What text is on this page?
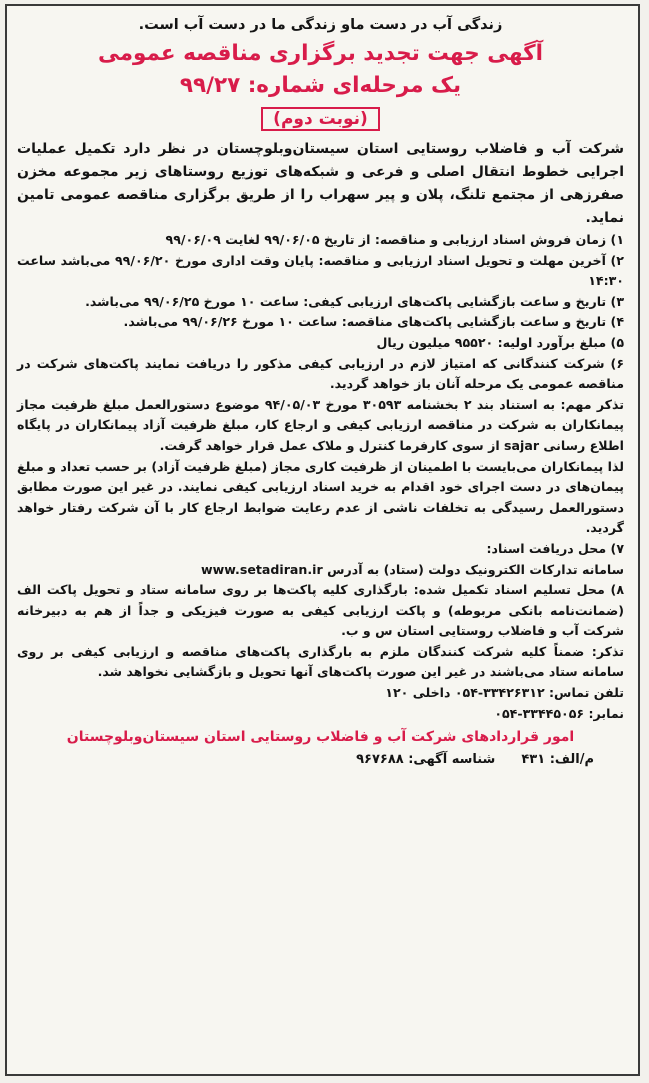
زندگی آب در دست ماو زندگی ما در دست آب است.

آگهی جهت تجدید برگزاری مناقصه عمومی

یک مرحله‌ای شماره: ۹۹/۲۷

(نوبت دوم)

شرکت آب و فاضلاب روستایی استان سیستان‌وبلوچستان در نظر دارد تکمیل عملیات اجرایی خطوط انتقال اصلی و فرعی و شبکه‌های توزیع روستاهای زیر مجموعه مخزن صفرزهی از مجتمع تلنگ، پلان و پیر سهراب را از طریق برگزاری مناقصه عمومی تامین نماید.

۱) زمان فروش اسناد ارزیابی و مناقصه: از تاریخ ۹۹/۰۶/۰۵ لغایت ۹۹/۰۶/۰۹

۲) آخرین مهلت و تحویل اسناد ارزیابی و مناقصه: پایان وقت اداری مورخ ۹۹/۰۶/۲۰ می‌باشد ساعت ۱۴:۳۰

۳) تاریخ و ساعت بازگشایی پاکت‌های ارزیابی کیفی: ساعت ۱۰ مورخ ۹۹/۰۶/۲۵ می‌باشد.

۴) تاریخ و ساعت بازگشایی پاکت‌های مناقصه: ساعت ۱۰ مورخ ۹۹/۰۶/۲۶ می‌باشد.

۵) مبلغ برآورد اولیه: ۹۵۵۲۰ میلیون ریال

۶) شرکت کنندگانی که امتیاز لازم در ارزیابی کیفی مذکور را دریافت نمایند پاکت‌های شرکت در مناقصه عمومی یک مرحله آنان باز خواهد گردید.

تذکر مهم: به استناد بند ۲ بخشنامه ۳۰۵۹۳ مورخ ۹۴/۰۵/۰۳ موضوع دستورالعمل مبلغ ظرفیت مجاز پیمانکاران به شرکت در مناقصه ارزیابی کیفی و ارجاع کار، مبلغ ظرفیت آزاد پیمانکاران در پایگاه اطلاع رسانی sajar از سوی کارفرما کنترل و ملاک عمل قرار خواهد گرفت.

لذا پیمانکاران می‌بایست با اطمینان از ظرفیت کاری مجاز (مبلغ ظرفیت آزاد) بر حسب تعداد و مبلغ پیمان‌های در دست اجرای خود اقدام به خرید اسناد ارزیابی کیفی نمایند. در غیر این صورت مطابق دستورالعمل رسیدگی به تخلفات ناشی از عدم رعایت ضوابط ارجاع کار با آن شرکت رفتار خواهد گردید.

۷) محل دریافت اسناد:

سامانه تدارکات الکترونیک دولت (ستاد) به آدرس www.setadiran.ir

۸) محل تسلیم اسناد تکمیل شده: بارگذاری کلیه پاکت‌ها بر روی سامانه ستاد و تحویل پاکت الف (ضمانت‌نامه بانکی مربوطه) و پاکت ارزیابی کیفی به صورت فیزیکی و جداً از هم به دبیرخانه شرکت آب و فاضلاب روستایی استان س و ب.

تذکر: ضمناً کلیه شرکت کنندگان ملزم به بارگذاری پاکت‌های مناقصه و ارزیابی کیفی بر روی سامانه ستاد می‌باشند در غیر این صورت پاکت‌های آنها تحویل و بازگشایی نخواهد شد.

تلفن تماس: ۳۳۴۲۶۳۱۲-۰۵۴ داخلی ۱۲۰

نمابر: ۳۳۴۴۵۰۵۶-۰۵۴

امور قراردادهای شرکت آب و فاضلاب روستایی استان سیستان‌وبلوچستان

م/الف: ۴۳۱
شناسه آگهی: ۹۶۷۶۸۸
